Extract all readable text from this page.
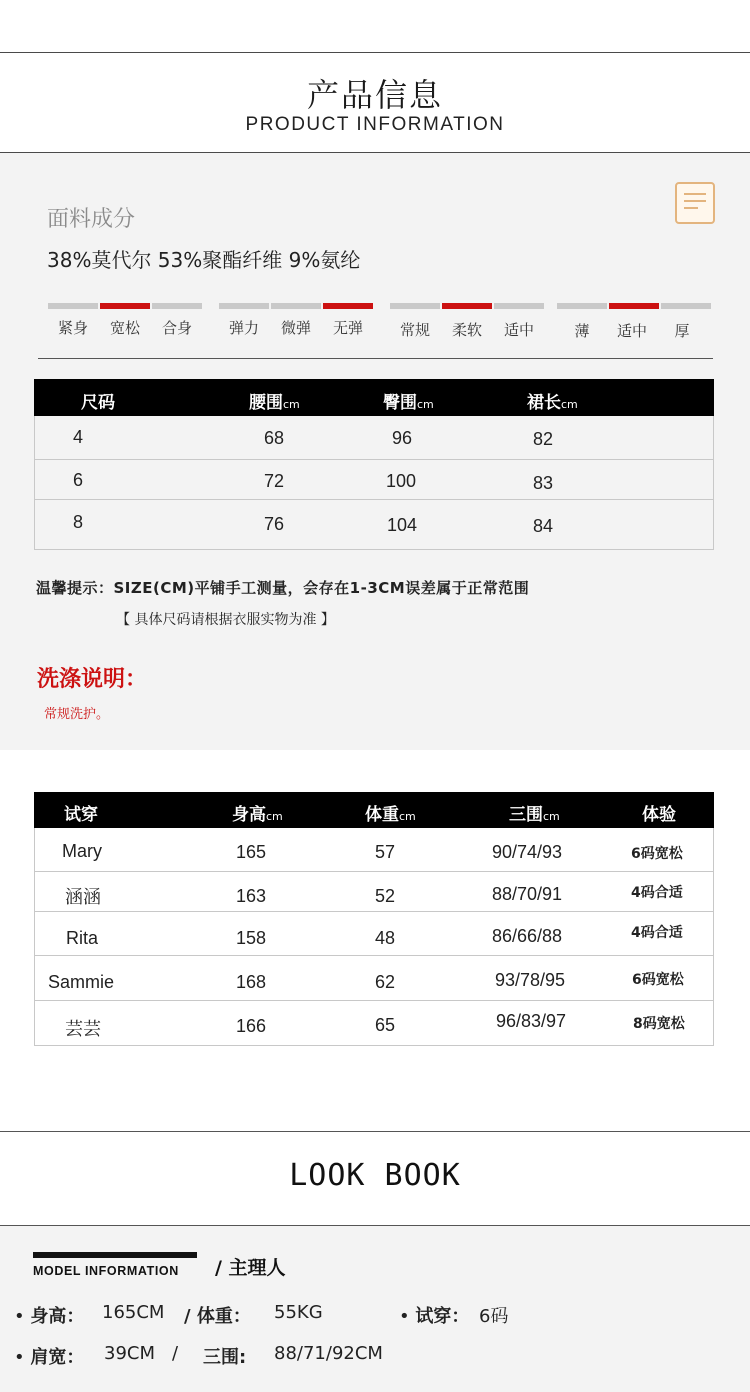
产品信息
PRODUCT INFORMATION
面料成分
38%莫代尔 53%聚酯纤维 9%氨纶
紧身	宽松	合身	弹力	微弹	无弹	常规	柔软	适中	薄	适中	厚
尺码	腰围cm	臀围cm	裙长cm
4	68	96	82
6	72	100	83
8	76	104	84
温馨提示：SIZE(CM)平铺手工测量，会存在1-3CM误差属于正常范围
【 具体尺码请根据衣服实物为准 】
洗涤说明：
常规洗护。
试穿	身高cm	体重cm	三围cm	体验
Mary	165	57	90/74/93	6码宽松
涵涵	163	52	88/70/91	4码合适
Rita	158	48	86/66/88	4码合适
Sammie	168	62	93/78/95	6码宽松
芸芸	166	65	96/83/97	8码宽松
LOOK BOOK
MODEL INFORMATION / 主理人
• 身高： 165CM / 体重： 55KG	• 试穿： 6码
• 肩宽： 39CM / 三围: 88/71/92CM
